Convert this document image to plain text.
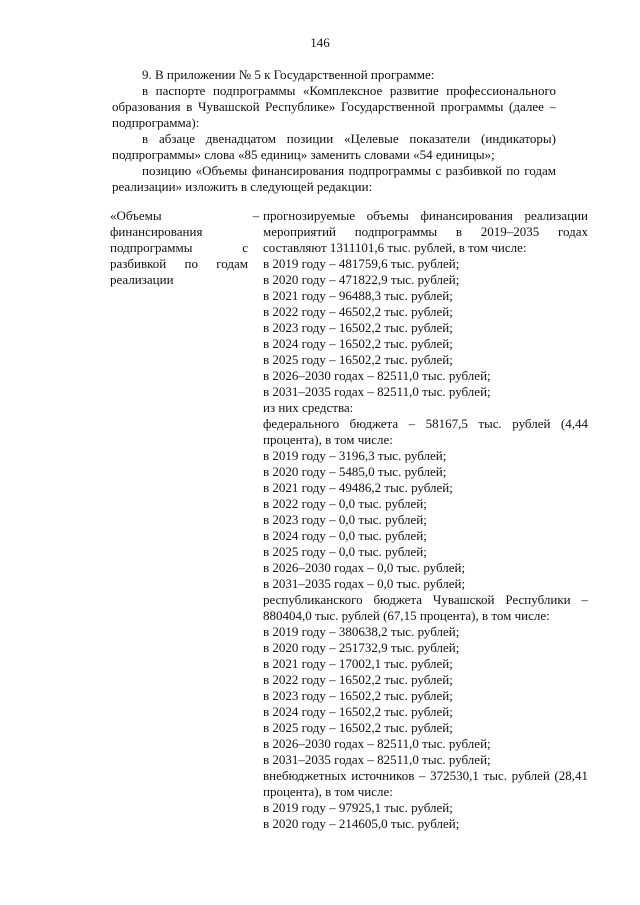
146

9. В приложении № 5 к Государственной программе:

в паспорте подпрограммы «Комплексное развитие профессионального образования в Чувашской Республике» Государственной программы (далее – подпрограмма):

в абзаце двенадцатом позиции «Целевые показатели (индикаторы) подпрограммы» слова «85 единиц» заменить словами «54 единицы»;

позицию «Объемы финансирования подпрограммы с разбивкой по годам реализации» изложить в следующей редакции:

«Объемы финансирования подпрограммы с разбивкой по годам реализации
– прогнозируемые объемы финансирования реализации мероприятий подпрограммы в 2019–2035 годах составляют 1311101,6 тыс. рублей, в том числе:
в 2019 году – 481759,6 тыс. рублей;
в 2020 году – 471822,9 тыс. рублей;
в 2021 году – 96488,3 тыс. рублей;
в 2022 году – 46502,2 тыс. рублей;
в 2023 году – 16502,2 тыс. рублей;
в 2024 году – 16502,2 тыс. рублей;
в 2025 году – 16502,2 тыс. рублей;
в 2026–2030 годах – 82511,0 тыс. рублей;
в 2031–2035 годах – 82511,0 тыс. рублей;
из них средства:
федерального бюджета – 58167,5 тыс. рублей (4,44 процента), в том числе:
в 2019 году – 3196,3 тыс. рублей;
в 2020 году – 5485,0 тыс. рублей;
в 2021 году – 49486,2 тыс. рублей;
в 2022 году – 0,0 тыс. рублей;
в 2023 году – 0,0 тыс. рублей;
в 2024 году – 0,0 тыс. рублей;
в 2025 году – 0,0 тыс. рублей;
в 2026–2030 годах – 0,0 тыс. рублей;
в 2031–2035 годах – 0,0 тыс. рублей;
республиканского бюджета Чувашской Республики – 880404,0 тыс. рублей (67,15 процента), в том числе:
в 2019 году – 380638,2 тыс. рублей;
в 2020 году – 251732,9 тыс. рублей;
в 2021 году – 17002,1 тыс. рублей;
в 2022 году – 16502,2 тыс. рублей;
в 2023 году – 16502,2 тыс. рублей;
в 2024 году – 16502,2 тыс. рублей;
в 2025 году – 16502,2 тыс. рублей;
в 2026–2030 годах – 82511,0 тыс. рублей;
в 2031–2035 годах – 82511,0 тыс. рублей;
внебюджетных источников – 372530,1 тыс. рублей (28,41 процента), в том числе:
в 2019 году – 97925,1 тыс. рублей;
в 2020 году – 214605,0 тыс. рублей;
